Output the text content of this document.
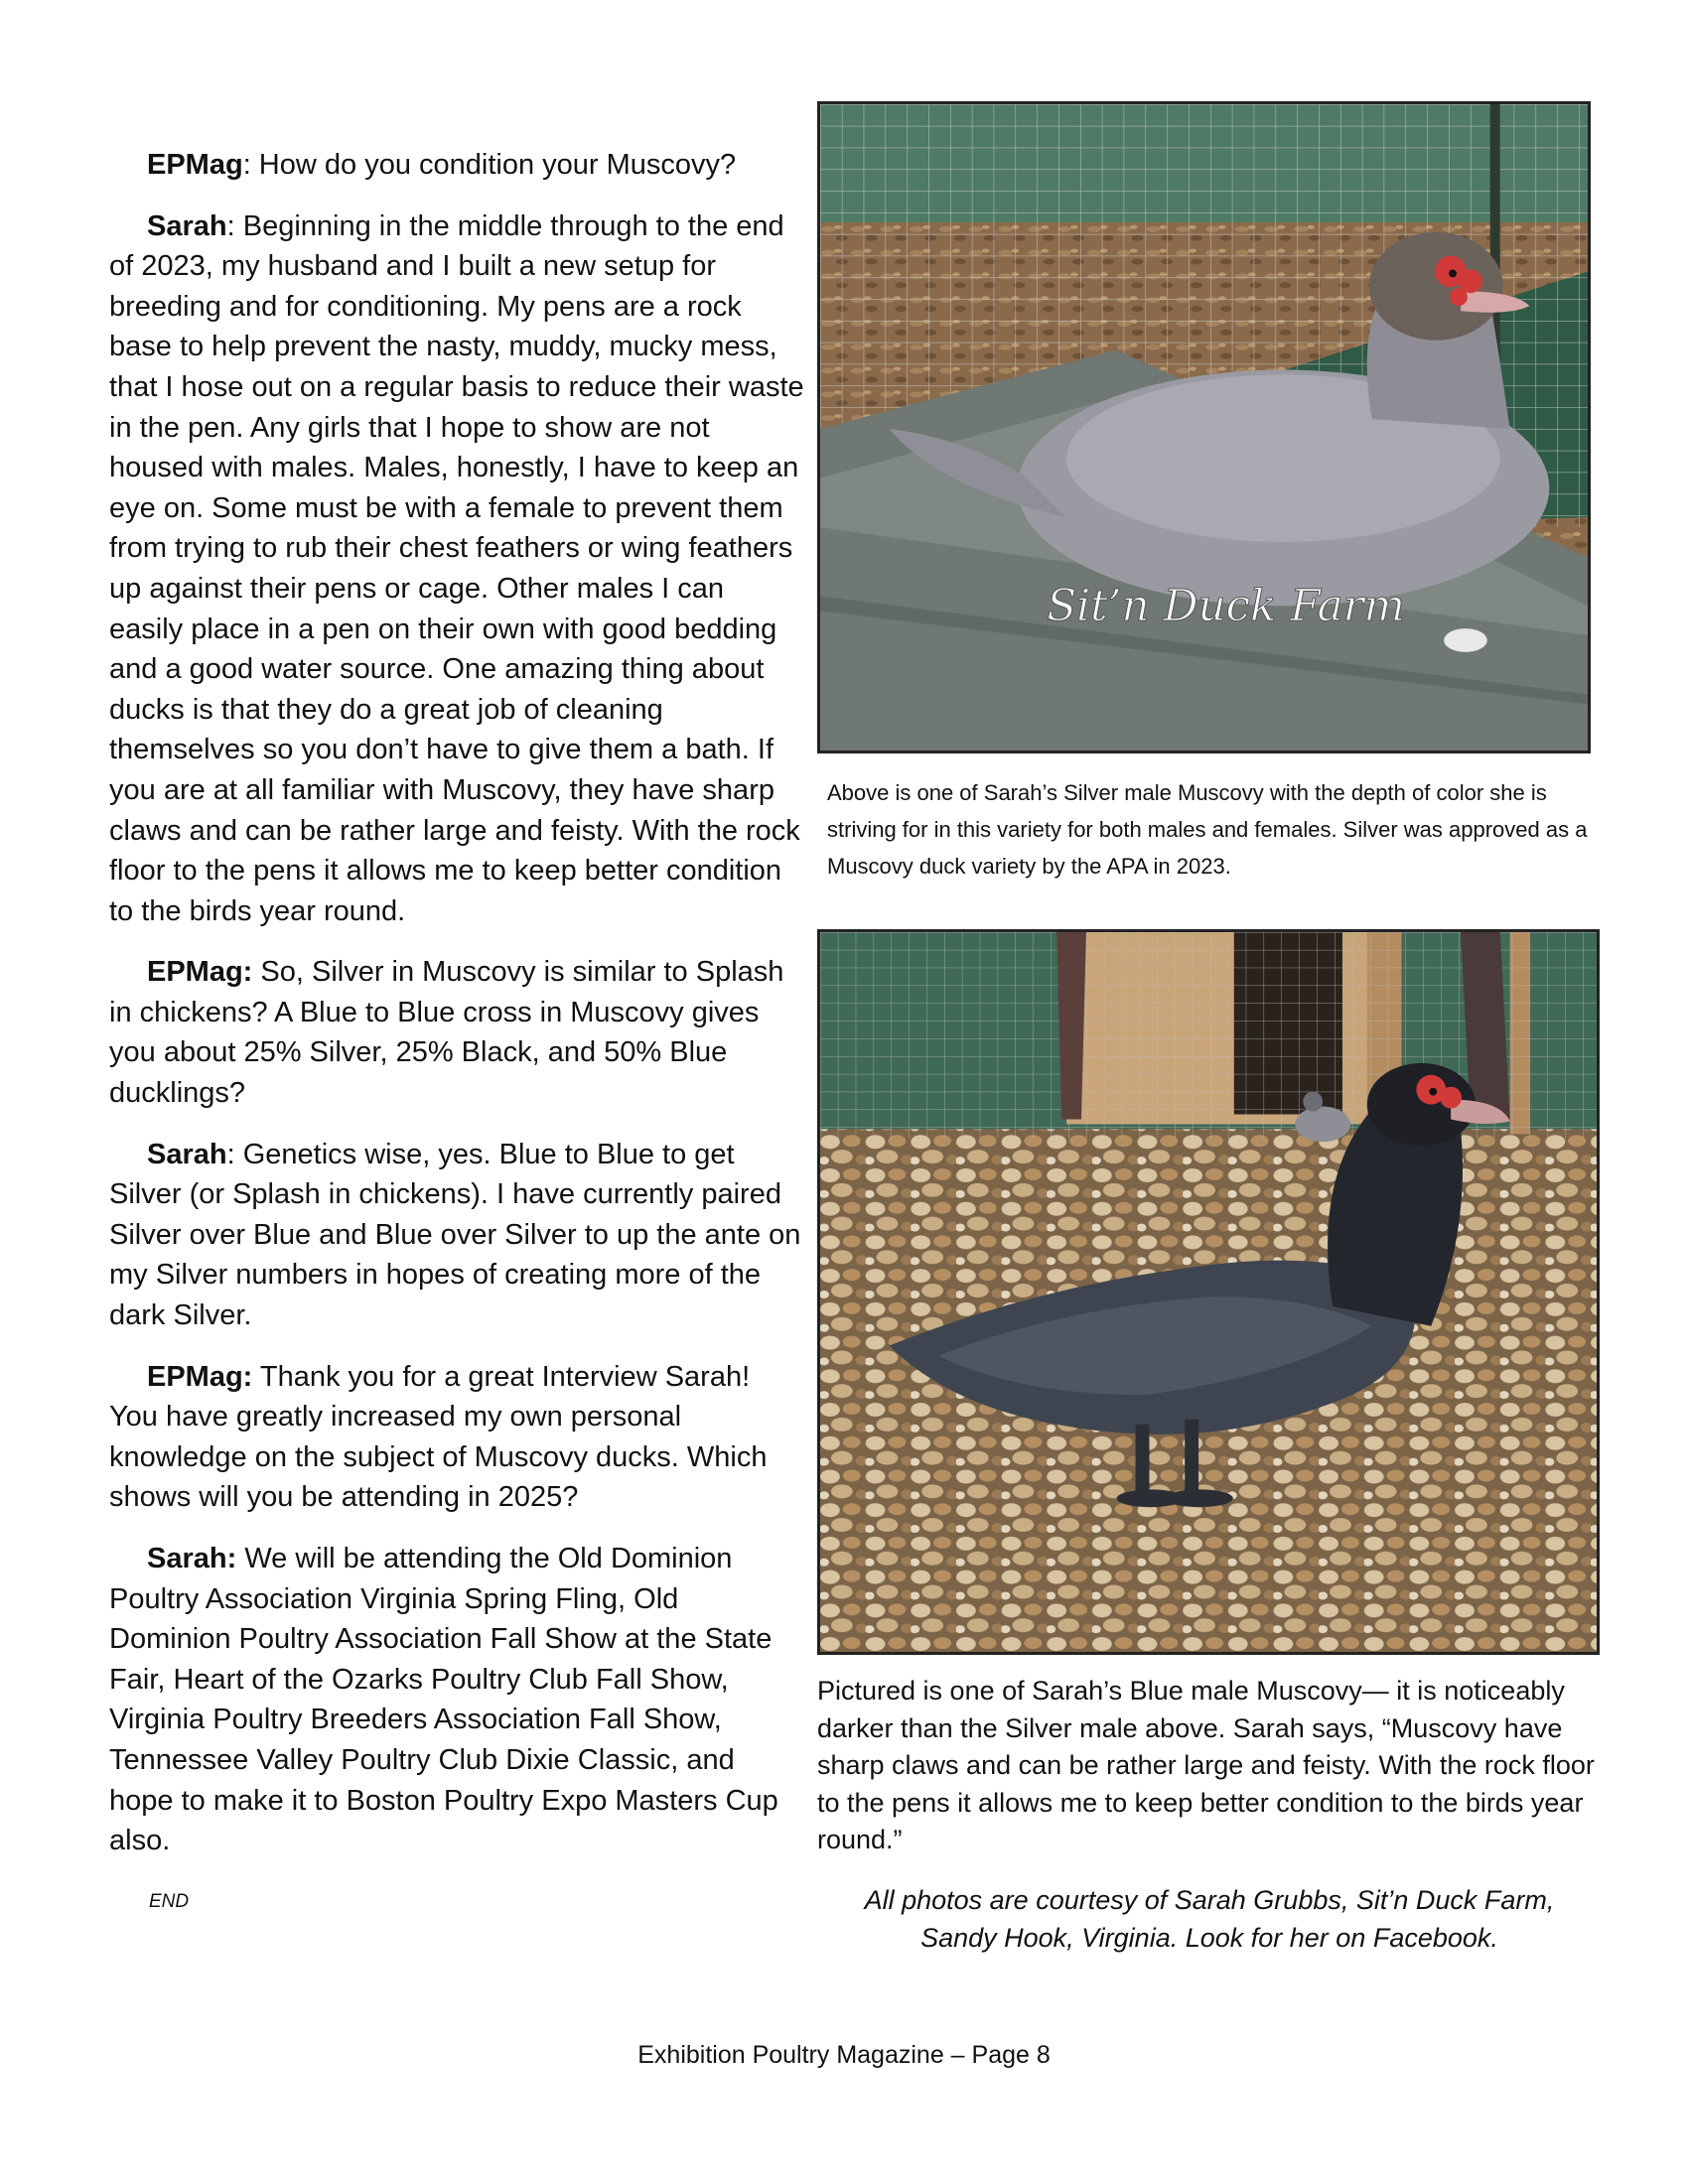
EPMag: How do you condition your Muscovy?

Sarah: Beginning in the middle through to the end of 2023, my husband and I built a new setup for breeding and for conditioning. My pens are a rock base to help prevent the nasty, muddy, mucky mess, that I hose out on a regular basis to reduce their waste in the pen. Any girls that I hope to show are not housed with males. Males, honestly, I have to keep an eye on. Some must be with a female to prevent them from trying to rub their chest feathers or wing feathers up against their pens or cage. Other males I can easily place in a pen on their own with good bedding and a good water source. One amazing thing about ducks is that they do a great job of cleaning themselves so you don’t have to give them a bath. If you are at all familiar with Muscovy, they have sharp claws and can be rather large and feisty. With the rock floor to the pens it allows me to keep better condition to the birds year round.

EPMag: So, Silver in Muscovy is similar to Splash in chickens? A Blue to Blue cross in Muscovy gives you about 25% Silver, 25% Black, and 50% Blue ducklings?

Sarah: Genetics wise, yes. Blue to Blue to get Silver (or Splash in chickens). I have currently paired Silver over Blue and Blue over Silver to up the ante on my Silver numbers in hopes of creating more of the dark Silver.

EPMag: Thank you for a great Interview Sarah! You have greatly increased my own personal knowledge on the subject of Muscovy ducks. Which shows will you be attending in 2025?

Sarah: We will be attending the Old Dominion Poultry Association Virginia Spring Fling, Old Dominion Poultry Association Fall Show at the State Fair, Heart of the Ozarks Poultry Club Fall Show, Virginia Poultry Breeders Association Fall Show, Tennessee Valley Poultry Club Dixie Classic, and hope to make it to Boston Poultry Expo Masters Cup also.

END
Sit’n Duck Farm
Above is one of Sarah’s Silver male Muscovy with the depth of color she is striving for in this variety for both males and females. Silver was approved as a Muscovy duck variety by the APA in 2023.
Pictured is one of Sarah’s Blue male Muscovy— it is noticeably darker than the Silver male above. Sarah says, “Muscovy have sharp claws and can be rather large and feisty. With the rock floor to the pens it allows me to keep better condition to the birds year round.”
All photos are courtesy of Sarah Grubbs, Sit’n Duck Farm,
Sandy Hook, Virginia. Look for her on Facebook.
Exhibition Poultry Magazine – Page 8
